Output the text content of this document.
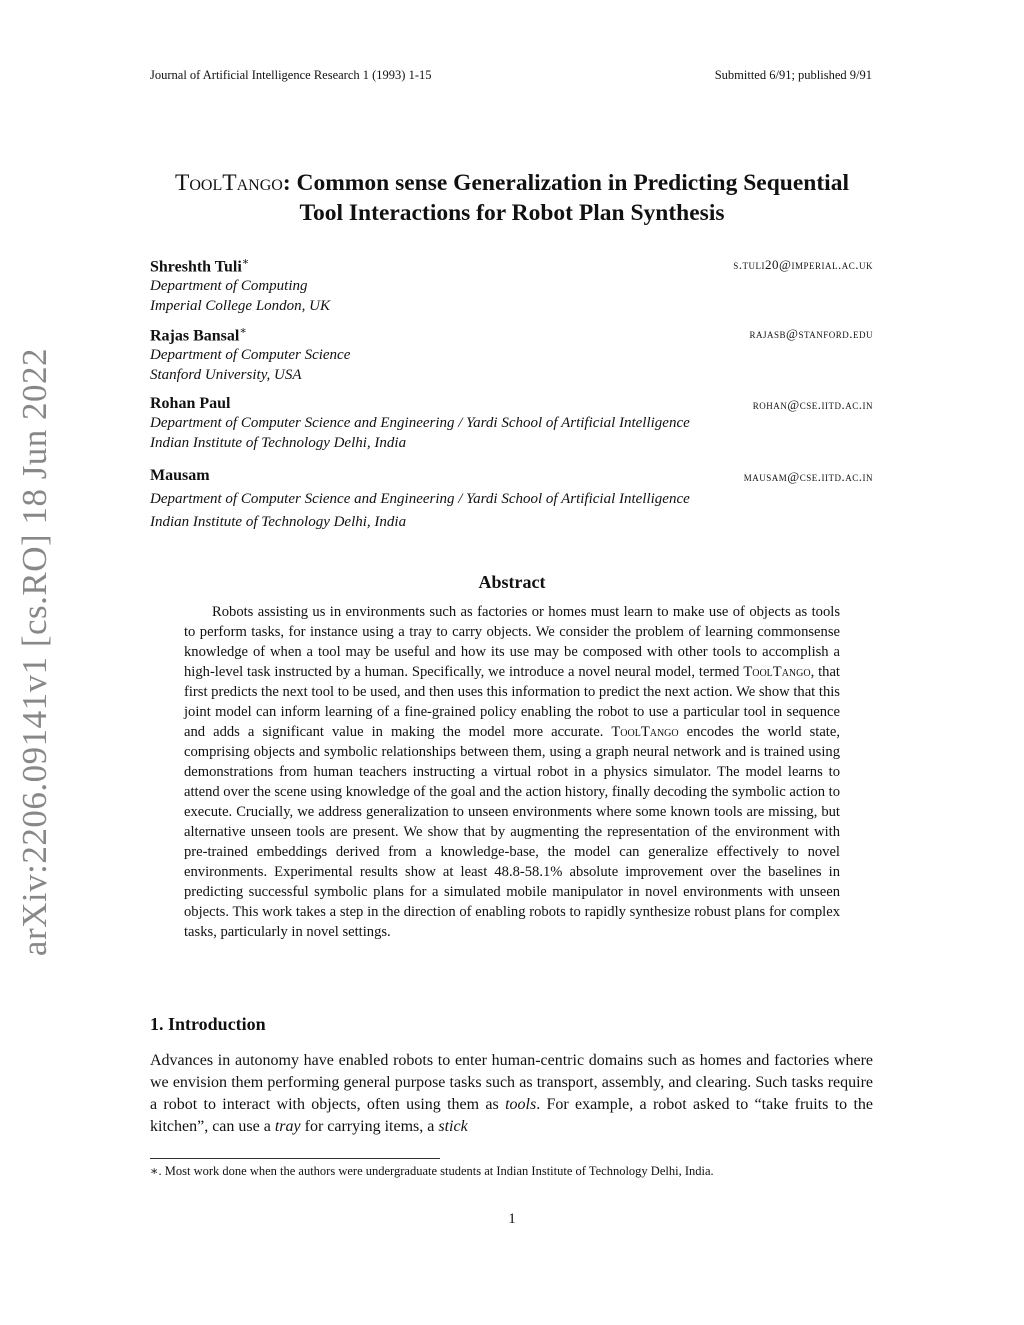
Journal of Artificial Intelligence Research 1 (1993) 1-15	Submitted 6/91; published 9/91
arXiv:2206.09141v1 [cs.RO] 18 Jun 2022
ToolTango: Common sense Generalization in Predicting Sequential
Tool Interactions for Robot Plan Synthesis
Shreshth Tuli∗	s.tuli20@imperial.ac.uk
Department of Computing
Imperial College London, UK
Rajas Bansal∗	rajasb@stanford.edu
Department of Computer Science
Stanford University, USA
Rohan Paul	rohan@cse.iitd.ac.in
Department of Computer Science and Engineering / Yardi School of Artificial Intelligence
Indian Institute of Technology Delhi, India
Mausam	mausam@cse.iitd.ac.in
Department of Computer Science and Engineering / Yardi School of Artificial Intelligence
Indian Institute of Technology Delhi, India
Abstract
Robots assisting us in environments such as factories or homes must learn to make use of objects as tools to perform tasks, for instance using a tray to carry objects. We consider the problem of learning commonsense knowledge of when a tool may be useful and how its use may be composed with other tools to accomplish a high-level task instructed by a human. Specifically, we introduce a novel neural model, termed ToolTango, that first predicts the next tool to be used, and then uses this information to predict the next action. We show that this joint model can inform learning of a fine-grained policy enabling the robot to use a particular tool in sequence and adds a significant value in making the model more accurate. ToolTango encodes the world state, comprising objects and symbolic relationships between them, using a graph neural network and is trained using demonstrations from human teachers instructing a virtual robot in a physics simulator. The model learns to attend over the scene using knowledge of the goal and the action history, finally decoding the symbolic action to execute. Crucially, we address generalization to unseen environments where some known tools are missing, but alternative unseen tools are present. We show that by augmenting the representation of the environment with pre-trained embeddings derived from a knowledge-base, the model can generalize effectively to novel environments. Experimental results show at least 48.8-58.1% absolute improvement over the baselines in predicting successful symbolic plans for a simulated mobile manipulator in novel environments with unseen objects. This work takes a step in the direction of enabling robots to rapidly synthesize robust plans for complex tasks, particularly in novel settings.
1. Introduction
Advances in autonomy have enabled robots to enter human-centric domains such as homes and factories where we envision them performing general purpose tasks such as transport, assembly, and clearing. Such tasks require a robot to interact with objects, often using them as tools. For example, a robot asked to “take fruits to the kitchen”, can use a tray for carrying items, a stick
∗. Most work done when the authors were undergraduate students at Indian Institute of Technology Delhi, India.
1
